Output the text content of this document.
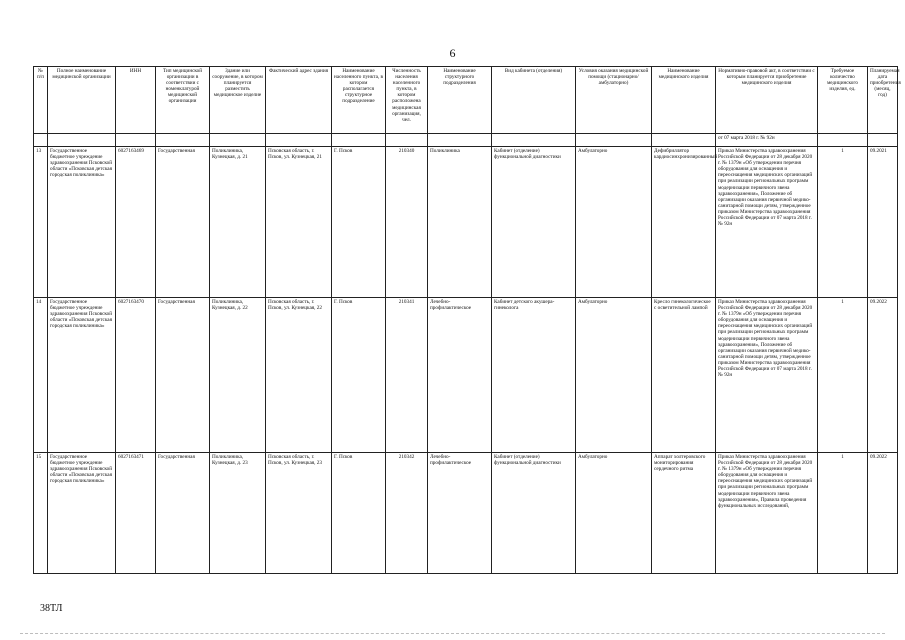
6
№ п/п	Полное наименование медицинской организации	ИНН	Тип медицинской организации в соответствии с номенклатурой медицинской организации	Здание или сооружение, в котором планируется разместить медицинское изделие	Фактический адрес здания	Наименование населенного пункта, в котором располагается структурное подразделение	Численность населения населенного пункта, в котором расположена медицинская организация, чел.	Наименование структурного подразделения	Вид кабинета (отделения)	Условия оказания медицинской помощи (стационарно/амбулаторно)	Наименование медицинского изделия	Нормативно-правовой акт, в соответствии с которым планируется приобретение медицинского изделия	Требуемое количество медицинского изделия, ед.	Планируемая дата приобретения (месяц, год)
												от 07 марта 2018 г. № 92н		
13	Государственное бюджетное учреждение здравоохранения Псковской области «Псковская детская городская поликлиника»	6027163469	Государственная	Поликлиника, Кузнецкая, д. 21	Псковская область, г. Псков, ул. Кузнецкая, 21	Г. Псков	210340	Поликлиника	Кабинет (отделение) функциональной диагностики	Амбулаторно	Дефибриллятор кардиосинхронизированный	Приказ Министерства здравоохранения Российской Федерации от 28 декабря 2020 г. № 1379н «Об утверждении перечня оборудования для оснащения и переоснащения медицинских организаций при реализации региональных программ модернизации первичного звена здравоохранения», Положение об организации оказания первичной медико-санитарной помощи детям, утвержденное приказом Министерства здравоохранения Российской Федерации от 07 марта 2018 г. № 92н	1	09.2021
14	Государственное бюджетное учреждение здравоохранения Псковской области «Псковская детская городская поликлиника»	6027163470	Государственная	Поликлиника, Кузнецкая, д. 22	Псковская область, г. Псков, ул. Кузнецкая, 22	Г. Псков	210341	Лечебно-профилактическое	Кабинет детского акушера-гинеколога	Амбулаторно	Кресло гинекологическое с осветительной лампой	Приказ Министерства здравоохранения Российской Федерации от 28 декабря 2020 г. № 1379н «Об утверждении перечня оборудования для оснащения и переоснащения медицинских организаций при реализации региональных программ модернизации первичного звена здравоохранения», Положение об организации оказания первичной медико-санитарной помощи детям, утвержденное приказом Министерства здравоохранения Российской Федерации от 07 марта 2018 г. № 92н	1	09.2022
15	Государственное бюджетное учреждение здравоохранения Псковской области «Псковская детская городская поликлиника»	6027163471	Государственная	Поликлиника, Кузнецкая, д. 23	Псковская область, г. Псков, ул. Кузнецкая, 23	Г. Псков	210342	Лечебно-профилактическое	Кабинет (отделение) функциональной диагностики	Амбулаторно	Аппарат холтеровского мониторирования сердечного ритма	Приказ Министерства здравоохранения Российской Федерации от 28 декабря 2020 г. № 1379н «Об утверждении перечня оборудования для оснащения и переоснащения медицинских организаций при реализации региональных программ модернизации первичного звена здравоохранения», Правила проведения функциональных исследований,	1	09.2022
38ТЛ
